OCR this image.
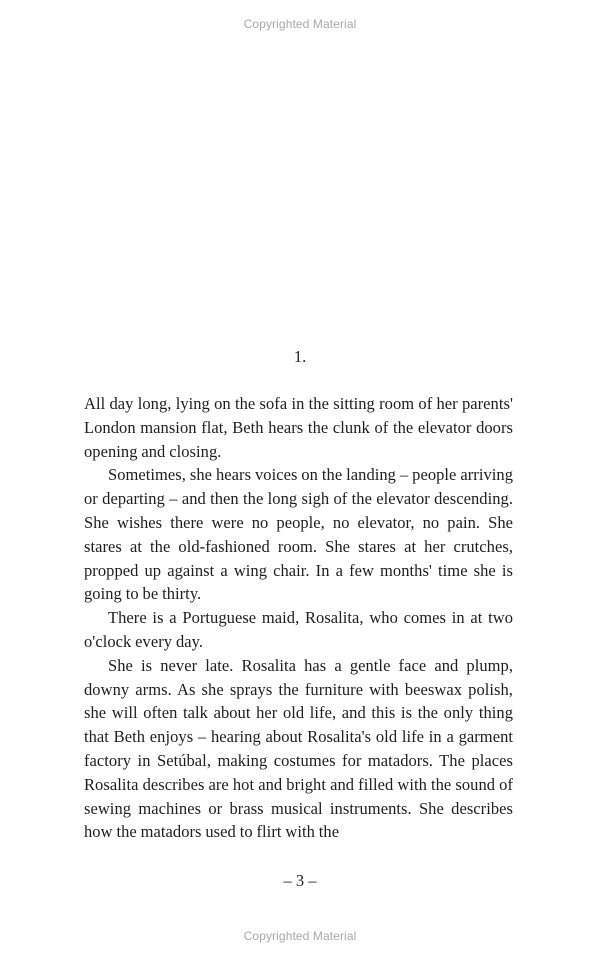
Copyrighted Material
1.

All day long, lying on the sofa in the sitting room of her parents' London mansion flat, Beth hears the clunk of the elevator doors opening and closing.

Sometimes, she hears voices on the landing – people arriving or departing – and then the long sigh of the elevator descending. She wishes there were no people, no elevator, no pain. She stares at the old-fashioned room. She stares at her crutches, propped up against a wing chair. In a few months' time she is going to be thirty.

There is a Portuguese maid, Rosalita, who comes in at two o'clock every day.

She is never late. Rosalita has a gentle face and plump, downy arms. As she sprays the furniture with beeswax polish, she will often talk about her old life, and this is the only thing that Beth enjoys – hearing about Rosalita's old life in a garment factory in Setúbal, making costumes for matadors. The places Rosalita describes are hot and bright and filled with the sound of sewing machines or brass musical instruments. She describes how the matadors used to flirt with the

– 3 –
Copyrighted Material
